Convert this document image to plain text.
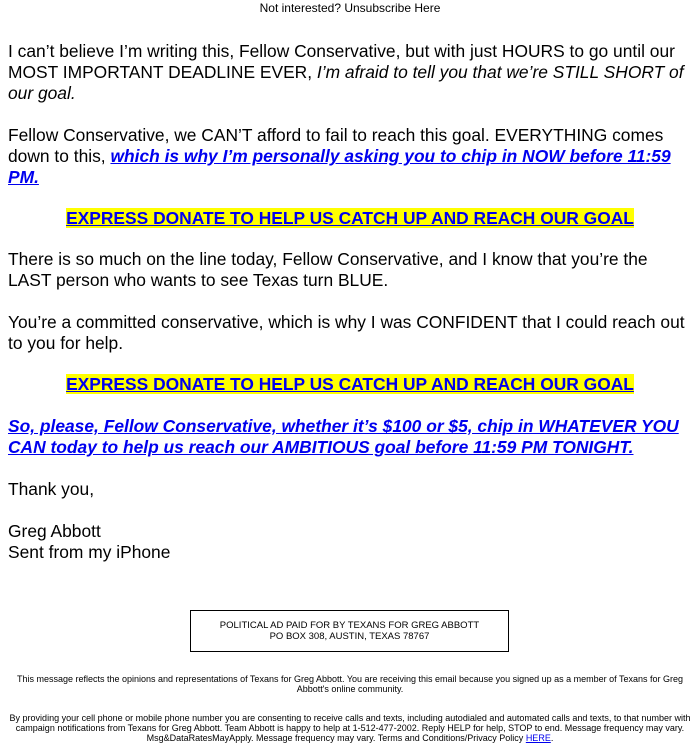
Not interested? Unsubscribe Here

I can’t believe I’m writing this, Fellow Conservative, but with just HOURS to go until our MOST IMPORTANT DEADLINE EVER, I’m afraid to tell you that we’re STILL SHORT of our goal.

Fellow Conservative, we CAN’T afford to fail to reach this goal. EVERYTHING comes down to this, which is why I’m personally asking you to chip in NOW before 11:59 PM.

EXPRESS DONATE TO HELP US CATCH UP AND REACH OUR GOAL

There is so much on the line today, Fellow Conservative, and I know that you’re the LAST person who wants to see Texas turn BLUE.

You’re a committed conservative, which is why I was CONFIDENT that I could reach out to you for help.

EXPRESS DONATE TO HELP US CATCH UP AND REACH OUR GOAL

So, please, Fellow Conservative, whether it’s $100 or $5, chip in WHATEVER YOU CAN today to help us reach our AMBITIOUS goal before 11:59 PM TONIGHT.

Thank you,

Greg Abbott

Sent from my iPhone

POLITICAL AD PAID FOR BY TEXANS FOR GREG ABBOTT
PO BOX 308, AUSTIN, TEXAS 78767
This message reflects the opinions and representations of Texans for Greg Abbott. You are receiving this email because you signed up as a member of Texans for Greg Abbott's online community.
By providing your cell phone or mobile phone number you are consenting to receive calls and texts, including autodialed and automated calls and texts, to that number with campaign notifications from Texans for Greg Abbott. Team Abbott is happy to help at 1-512-477-2002. Reply HELP for help, STOP to end. Message frequency may vary. Msg&DataRatesMayApply. Message frequency may vary. Terms and Conditions/Privacy Policy HERE.
